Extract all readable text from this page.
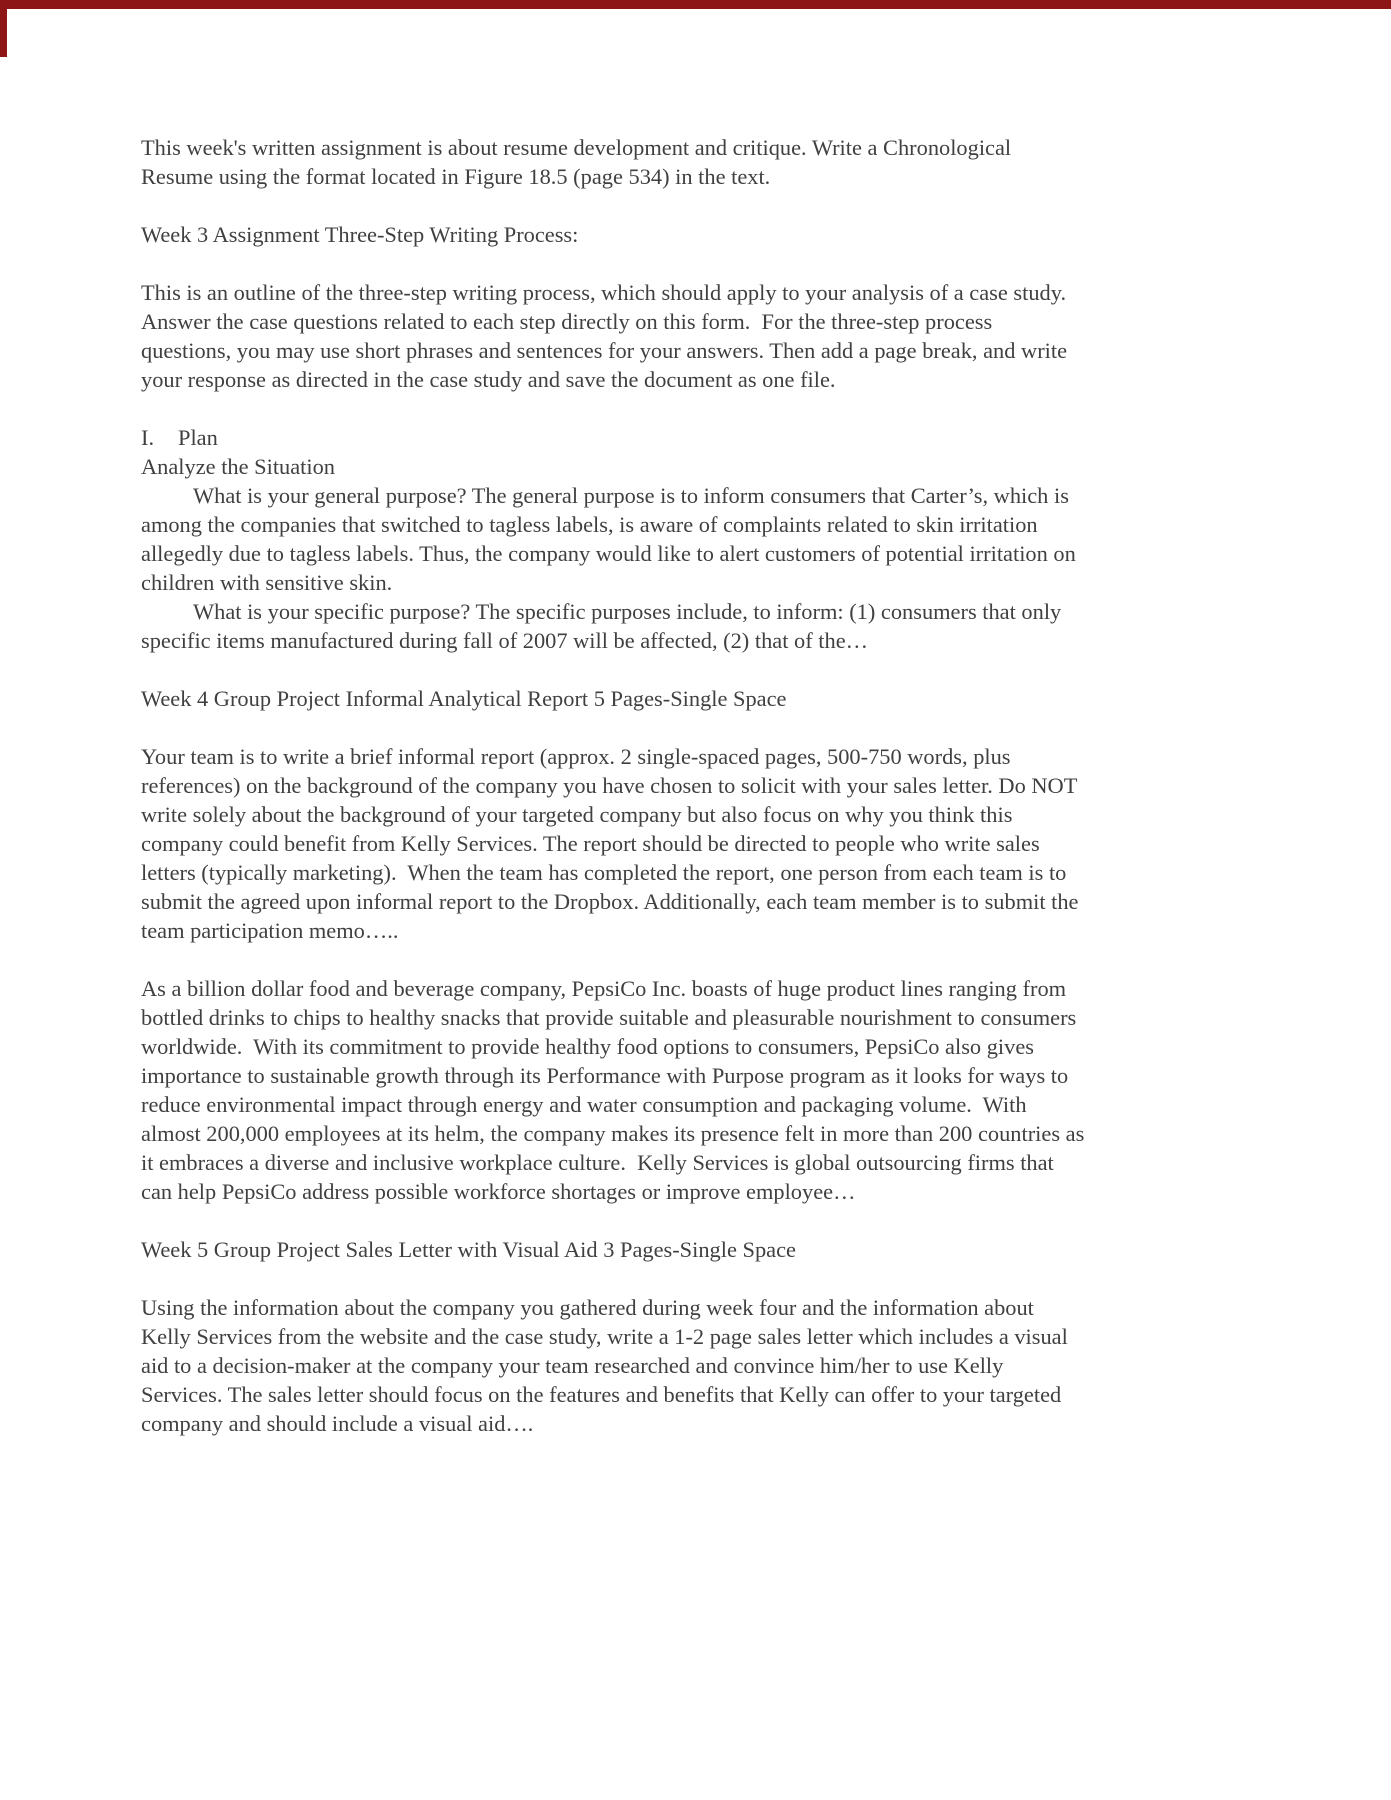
This week's written assignment is about resume development and critique. Write a Chronological Resume using the format located in Figure 18.5 (page 534) in the text.

Week 3 Assignment Three-Step Writing Process:

This is an outline of the three-step writing process, which should apply to your analysis of a case study. Answer the case questions related to each step directly on this form.  For the three-step process questions, you may use short phrases and sentences for your answers. Then add a page break, and write your response as directed in the case study and save the document as one file.

I. Plan

Analyze the Situation

What is your general purpose? The general purpose is to inform consumers that Carter’s, which is among the companies that switched to tagless labels, is aware of complaints related to skin irritation allegedly due to tagless labels. Thus, the company would like to alert customers of potential irritation on children with sensitive skin.

What is your specific purpose? The specific purposes include, to inform: (1) consumers that only specific items manufactured during fall of 2007 will be affected, (2) that of the…

Week 4 Group Project Informal Analytical Report 5 Pages-Single Space

Your team is to write a brief informal report (approx. 2 single-spaced pages, 500-750 words, plus references) on the background of the company you have chosen to solicit with your sales letter. Do NOT write solely about the background of your targeted company but also focus on why you think this company could benefit from Kelly Services. The report should be directed to people who write sales letters (typically marketing).  When the team has completed the report, one person from each team is to submit the agreed upon informal report to the Dropbox. Additionally, each team member is to submit the team participation memo…..

As a billion dollar food and beverage company, PepsiCo Inc. boasts of huge product lines ranging from bottled drinks to chips to healthy snacks that provide suitable and pleasurable nourishment to consumers worldwide.  With its commitment to provide healthy food options to consumers, PepsiCo also gives importance to sustainable growth through its Performance with Purpose program as it looks for ways to reduce environmental impact through energy and water consumption and packaging volume.  With almost 200,000 employees at its helm, the company makes its presence felt in more than 200 countries as it embraces a diverse and inclusive workplace culture.  Kelly Services is global outsourcing firms that can help PepsiCo address possible workforce shortages or improve employee…

Week 5 Group Project Sales Letter with Visual Aid 3 Pages-Single Space

Using the information about the company you gathered during week four and the information about Kelly Services from the website and the case study, write a 1-2 page sales letter which includes a visual aid to a decision-maker at the company your team researched and convince him/her to use Kelly Services. The sales letter should focus on the features and benefits that Kelly can offer to your targeted company and should include a visual aid….
